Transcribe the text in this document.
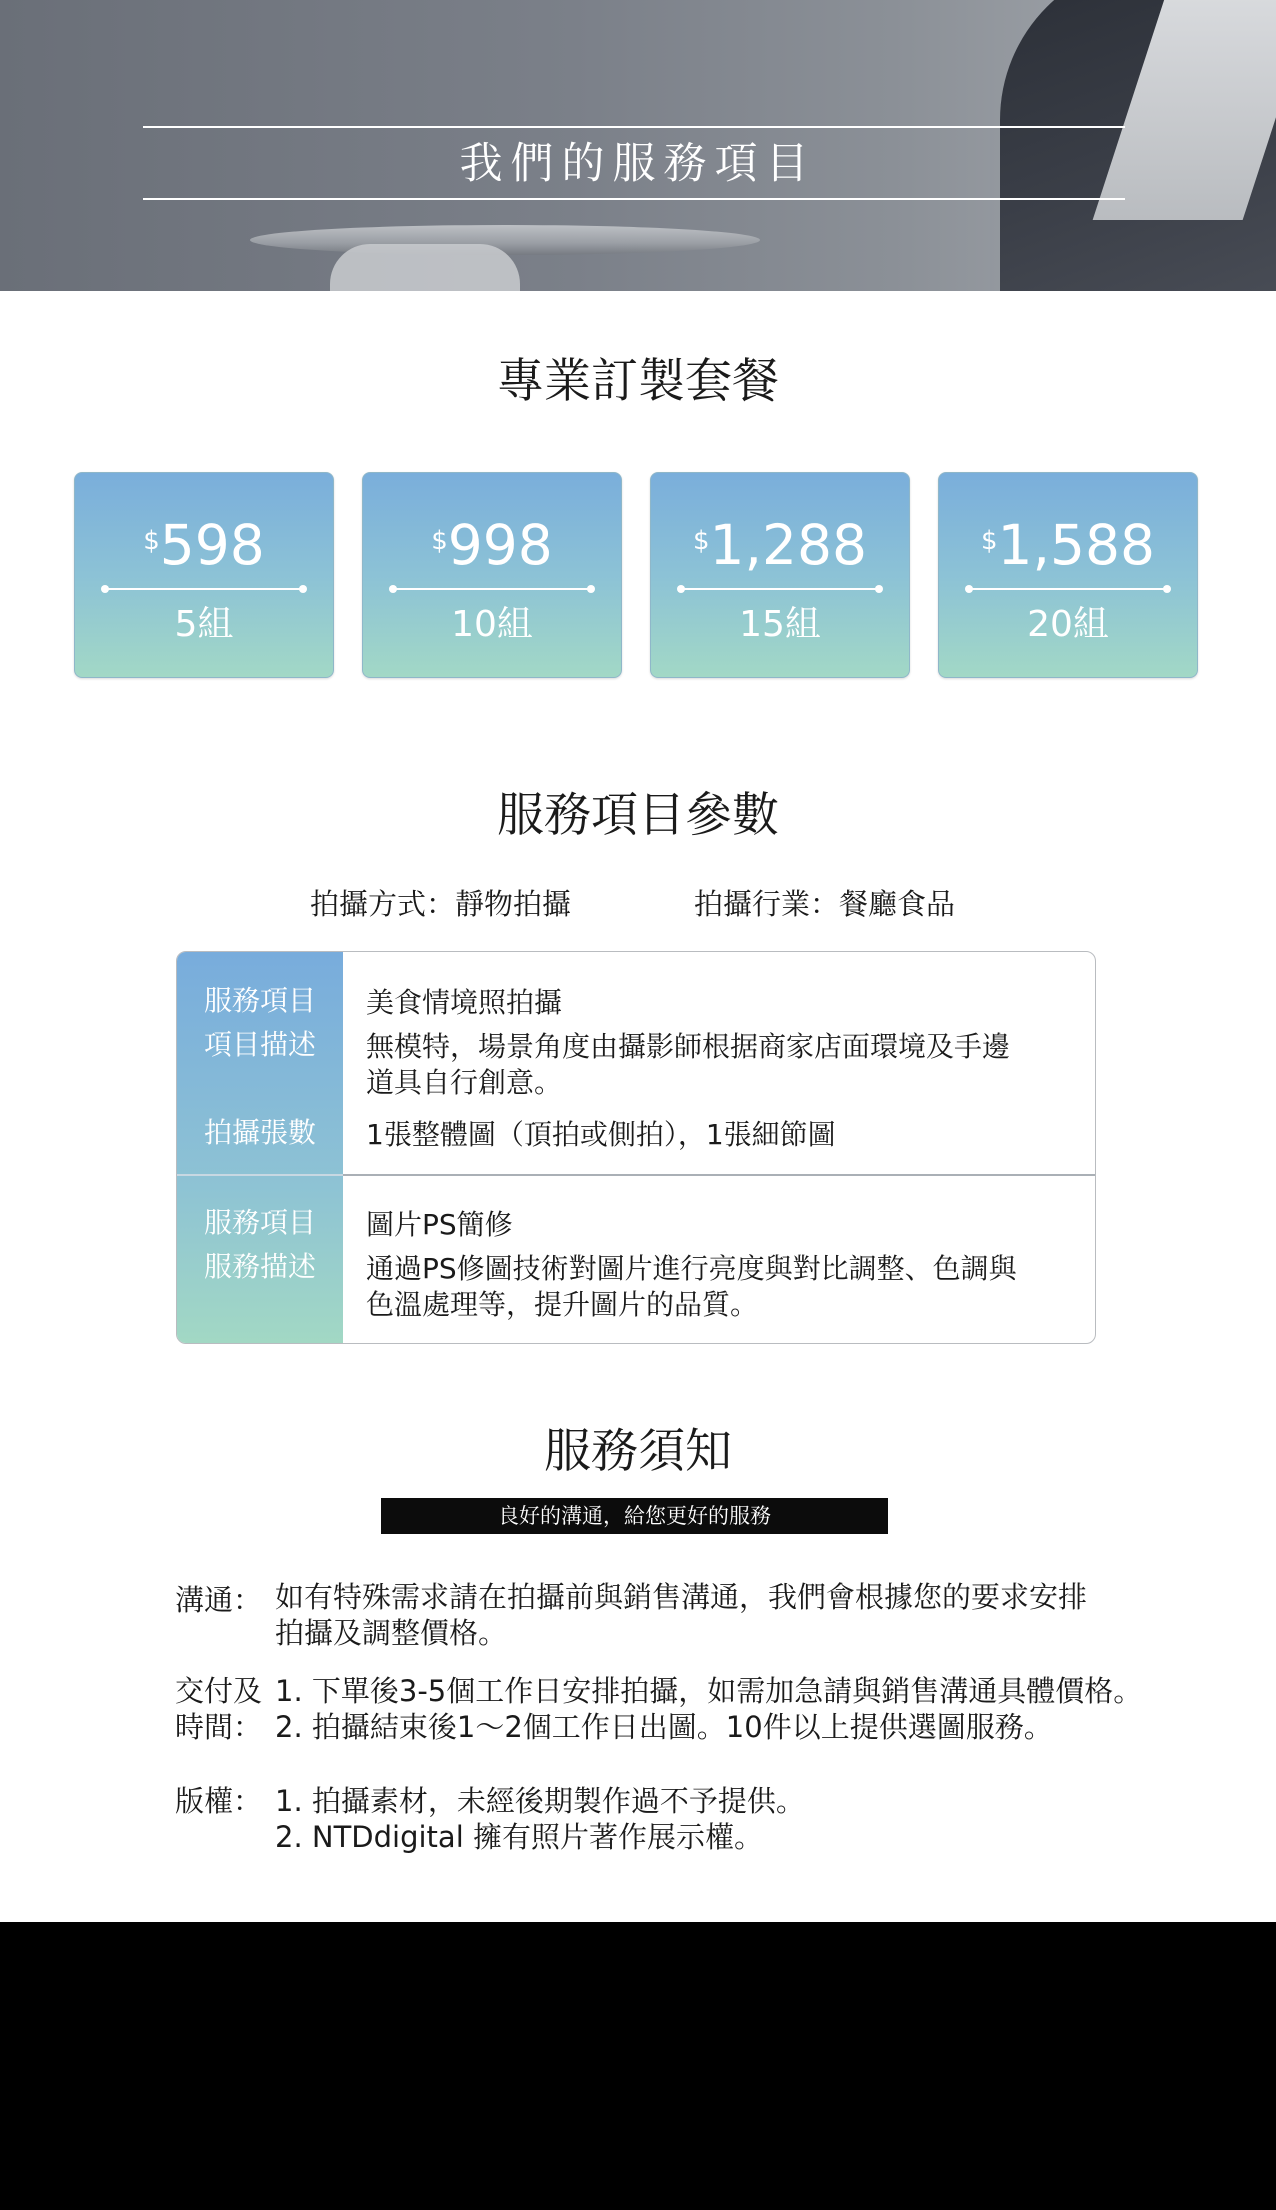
我們的服務項目
專業訂製套餐
$598
5組
$998
10組
$1,288
15組
$1,588
20組
服務項目參數
拍攝方式：靜物拍攝	拍攝行業：餐廳食品
服務項目
項目描述
拍攝張數
美食情境照拍攝
無模特，場景角度由攝影師根据商家店面環境及手邊
道具自行創意。
1張整體圖（頂拍或側拍），1張細節圖
服務項目
服務描述
圖片PS簡修
通過PS修圖技術對圖片進行亮度與對比調整、色調與
色溫處理等，提升圖片的品質。
服務須知
良好的溝通，給您更好的服務
溝通： 如有特殊需求請在拍攝前與銷售溝通，我們會根據您的要求安排
拍攝及調整價格。
交付及
時間：
1. 下單後3-5個工作日安排拍攝，如需加急請與銷售溝通具體價格。
2. 拍攝結束後1～2個工作日出圖。10件以上提供選圖服務。
版權： 1. 拍攝素材，未經後期製作過不予提供。
2. NTDdigital 擁有照片著作展示權。
